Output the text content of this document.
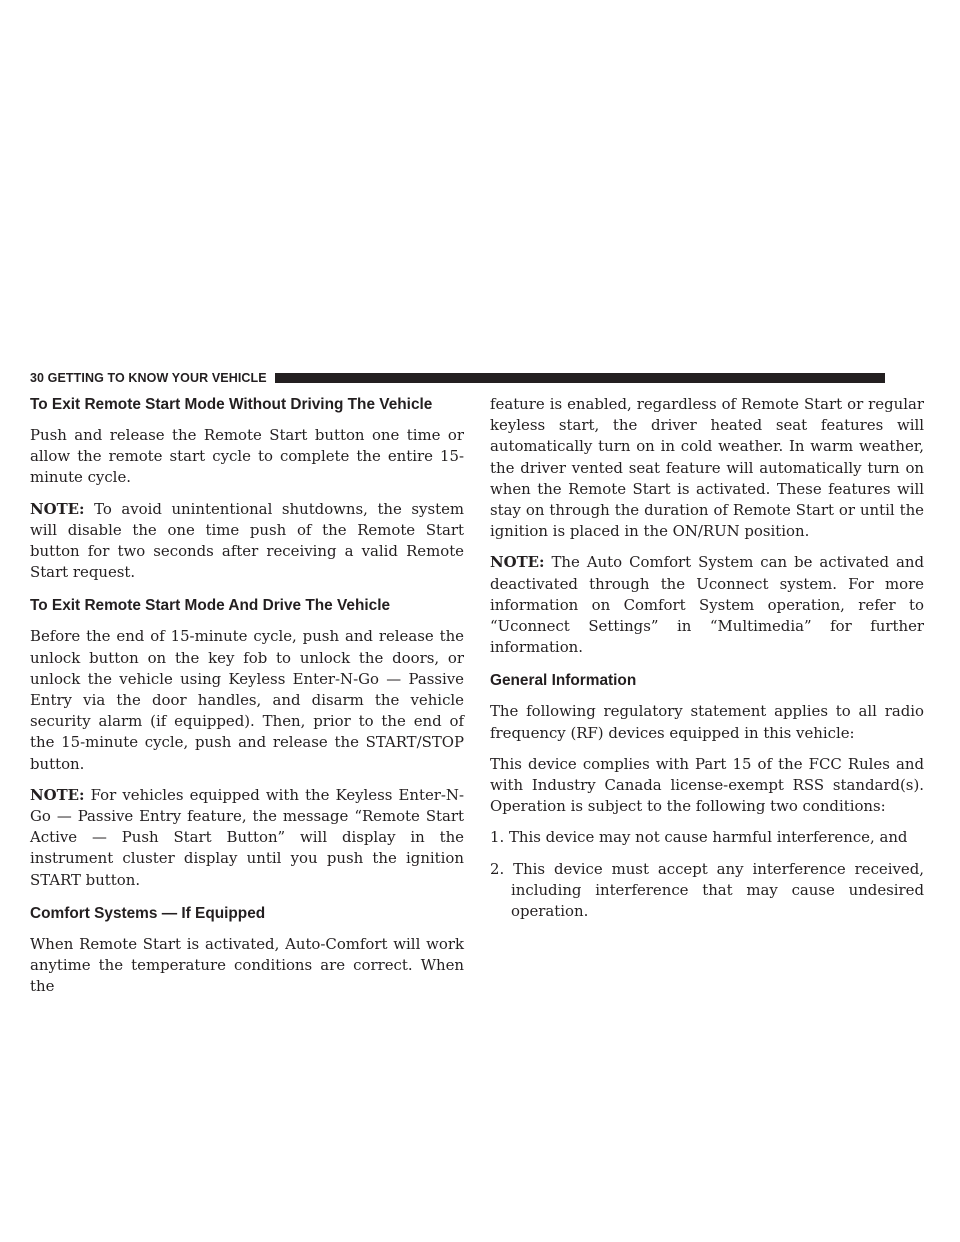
30 GETTING TO KNOW YOUR VEHICLE
To Exit Remote Start Mode Without Driving The Vehicle

Push and release the Remote Start button one time or allow the remote start cycle to complete the entire 15-minute cycle.

NOTE: To avoid unintentional shutdowns, the system will disable the one time push of the Remote Start button for two seconds after receiving a valid Remote Start request.

To Exit Remote Start Mode And Drive The Vehicle

Before the end of 15-minute cycle, push and release the unlock button on the key fob to unlock the doors, or unlock the vehicle using Keyless Enter-N-Go — Passive Entry via the door handles, and disarm the vehicle security alarm (if equipped). Then, prior to the end of the 15-minute cycle, push and release the START/STOP button.

NOTE: For vehicles equipped with the Keyless Enter-N-Go — Passive Entry feature, the message “Remote Start Active — Push Start Button” will display in the instrument cluster display until you push the ignition START button.

Comfort Systems — If Equipped

When Remote Start is activated, Auto-Comfort will work anytime the temperature conditions are correct. When the

feature is enabled, regardless of Remote Start or regular keyless start, the driver heated seat features will automatically turn on in cold weather. In warm weather, the driver vented seat feature will automatically turn on when the Remote Start is activated. These features will stay on through the duration of Remote Start or until the ignition is placed in the ON/RUN position.

NOTE: The Auto Comfort System can be activated and deactivated through the Uconnect system. For more information on Comfort System operation, refer to “Uconnect Settings” in “Multimedia” for further information.

General Information

The following regulatory statement applies to all radio frequency (RF) devices equipped in this vehicle:

This device complies with Part 15 of the FCC Rules and with Industry Canada license-exempt RSS standard(s). Operation is subject to the following two conditions:

1. This device may not cause harmful interference, and
2. This device must accept any interference received, including interference that may cause undesired operation.
